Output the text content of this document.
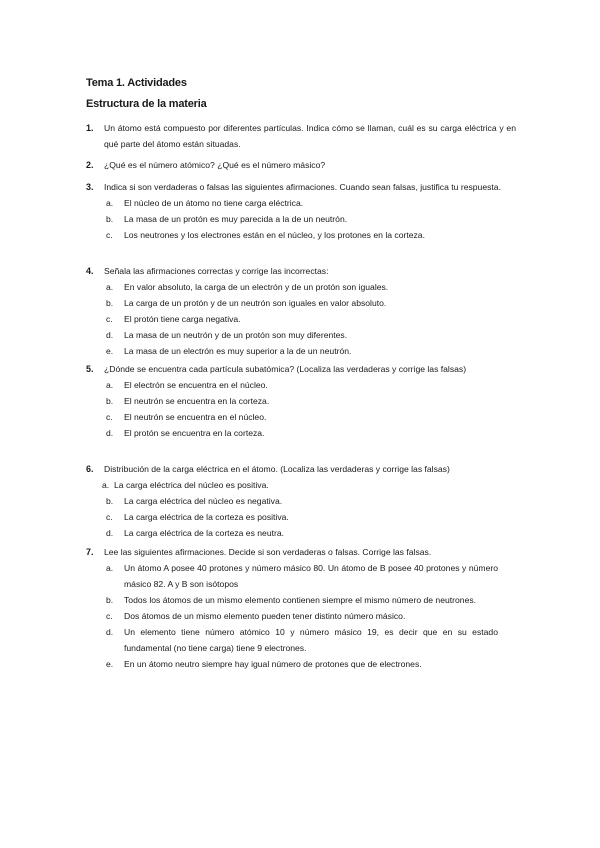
Tema 1. Actividades
Estructura de la materia
1. Un átomo está compuesto por diferentes partículas. Indica cómo se llaman, cuál es su carga eléctrica y en qué parte del átomo están situadas.
2. ¿Qué es el número atómico? ¿Qué es el número másico?
3. Indica si son verdaderas o falsas las siguientes afirmaciones. Cuando sean falsas, justifica tu respuesta.
a. El núcleo de un átomo no tiene carga eléctrica.
b. La masa de un protón es muy parecida a la de un neutrón.
c. Los neutrones y los electrones están en el núcleo, y los protones en la corteza.
4. Señala las afirmaciones correctas y corrige las incorrectas:
a. En valor absoluto, la carga de un electrón y de un protón son iguales.
b. La carga de un protón y de un neutrón son iguales en valor absoluto.
c. El protón tiene carga negativa.
d. La masa de un neutrón y de un protón son muy diferentes.
e. La masa de un electrón es muy superior a la de un neutrón.
5. ¿Dónde se encuentra cada partícula subatómica? (Localiza las verdaderas y corrige las falsas)
a. El electrón se encuentra en el núcleo.
b. El neutrón se encuentra en la corteza.
c. El neutrón se encuentra en el núcleo.
d. El protón se encuentra en la corteza.
6. Distribución de la carga eléctrica en el átomo. (Localiza las verdaderas y corrige las falsas)
a. La carga eléctrica del núcleo es positiva.
b. La carga eléctrica del núcleo es negativa.
c. La carga eléctrica de la corteza es positiva.
d. La carga eléctrica de la corteza es neutra.
7. Lee las siguientes afirmaciones. Decide si son verdaderas o falsas. Corrige las falsas.
a. Un átomo A posee 40 protones y número másico 80. Un átomo de B posee 40 protones y número másico 82. A y B son isótopos
b. Todos los átomos de un mismo elemento contienen siempre el mismo número de neutrones.
c. Dos átomos de un mismo elemento pueden tener distinto número másico.
d. Un elemento tiene número atómico 10 y número másico 19, es decir que en su estado fundamental (no tiene carga) tiene 9 electrones.
e. En un átomo neutro siempre hay igual número de protones que de electrones.
